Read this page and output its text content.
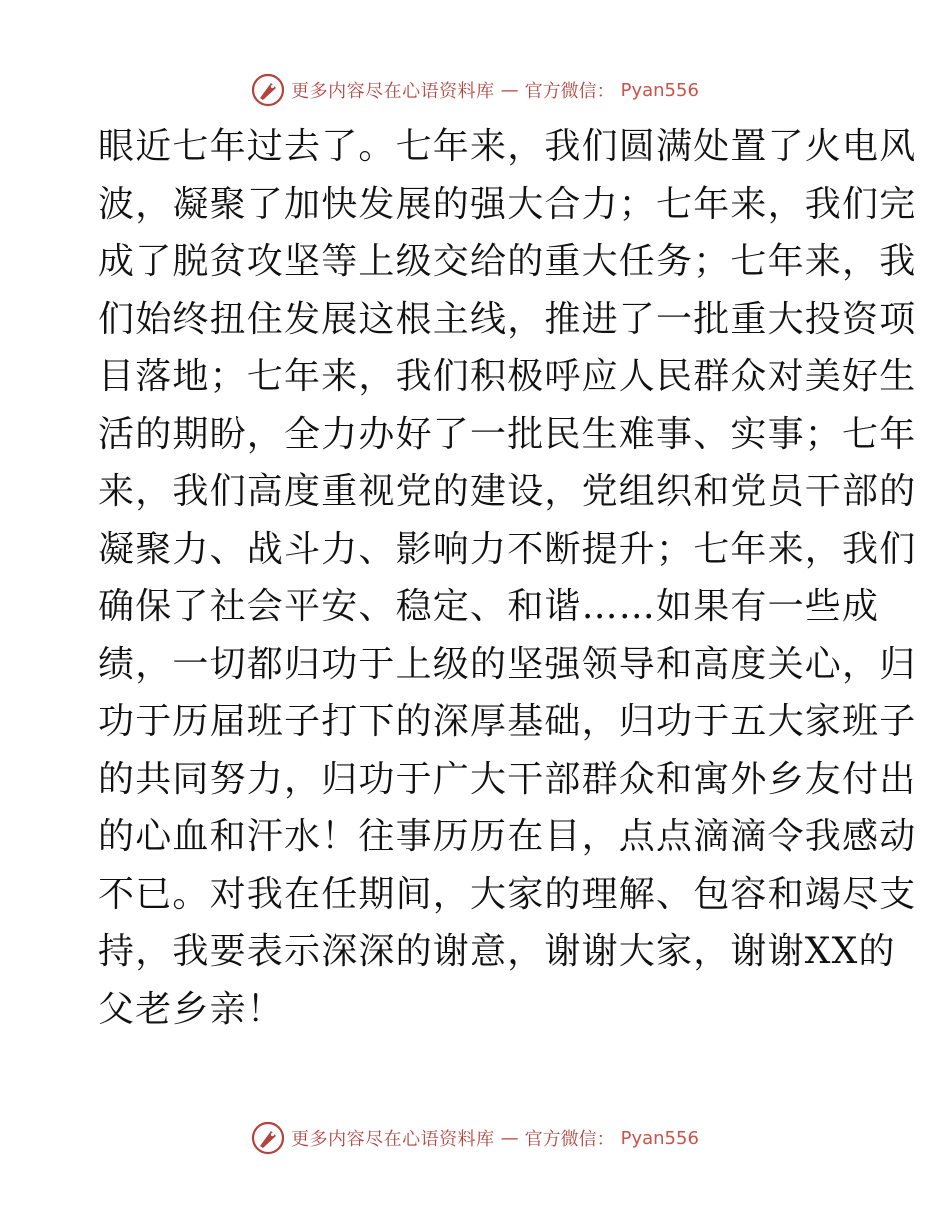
更多内容尽在心语资料库 — 官方微信： Pyan556
眼近七年过去了。七年来，我们圆满处置了火电风
波，凝聚了加快发展的强大合力；七年来，我们完
成了脱贫攻坚等上级交给的重大任务；七年来，我
们始终扭住发展这根主线，推进了一批重大投资项
目落地；七年来，我们积极呼应人民群众对美好生
活的期盼，全力办好了一批民生难事、实事；七年
来，我们高度重视党的建设，党组织和党员干部的
凝聚力、战斗力、影响力不断提升；七年来，我们
确保了社会平安、稳定、和谐……如果有一些成
绩，一切都归功于上级的坚强领导和高度关心，归
功于历届班子打下的深厚基础，归功于五大家班子
的共同努力，归功于广大干部群众和寓外乡友付出
的心血和汗水！往事历历在目，点点滴滴令我感动
不已。对我在任期间，大家的理解、包容和竭尽支
持，我要表示深深的谢意，谢谢大家，谢谢XX的
父老乡亲！
更多内容尽在心语资料库 — 官方微信： Pyan556
